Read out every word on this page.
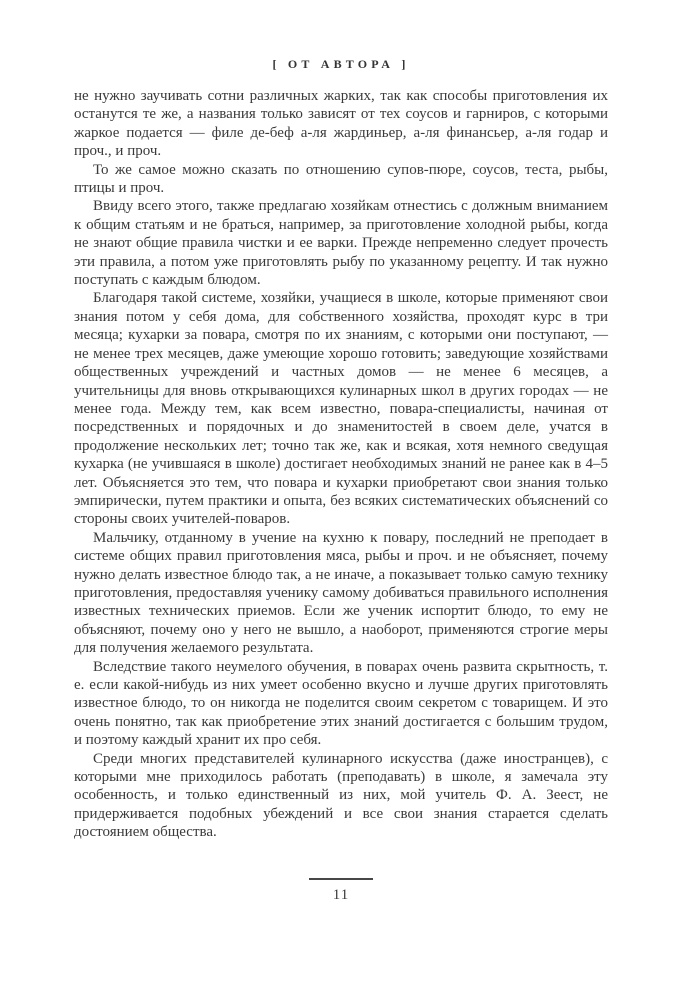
[ ОТ АВТОРА ]

не нужно заучивать сотни различных жарких, так как способы приготовления их останутся те же, а названия только зависят от тех соусов и гарниров, с которыми жаркое подается — филе де-беф а-ля жардиньер, а-ля финансьер, а-ля годар и проч., и проч.

То же самое можно сказать по отношению супов-пюре, соусов, теста, рыбы, птицы и проч.

Ввиду всего этого, также предлагаю хозяйкам отнестись с должным вниманием к общим статьям и не браться, например, за приготовление холодной рыбы, когда не знают общие правила чистки и ее варки. Прежде непременно следует прочесть эти правила, а потом уже приготовлять рыбу по указанному рецепту. И так нужно поступать с каждым блюдом.

Благодаря такой системе, хозяйки, учащиеся в школе, которые применяют свои знания потом у себя дома, для собственного хозяйства, проходят курс в три месяца; кухарки за повара, смотря по их знаниям, с которыми они поступают, — не менее трех месяцев, даже умеющие хорошо готовить; заведующие хозяйствами общественных учреждений и частных домов — не менее 6 месяцев, а учительницы для вновь открывающихся кулинарных школ в других городах — не менее года. Между тем, как всем известно, повара-специалисты, начиная от посредственных и порядочных и до знаменитостей в своем деле, учатся в продолжение нескольких лет; точно так же, как и всякая, хотя немного сведущая кухарка (не учившаяся в школе) достигает необходимых знаний не ранее как в 4–5 лет. Объясняется это тем, что повара и кухарки приобретают свои знания только эмпирически, путем практики и опыта, без всяких систематических объяснений со стороны своих учителей-поваров.

Мальчику, отданному в учение на кухню к повару, последний не преподает в системе общих правил приготовления мяса, рыбы и проч. и не объясняет, почему нужно делать известное блюдо так, а не иначе, а показывает только самую технику приготовления, предоставляя ученику самому добиваться правильного исполнения известных технических приемов. Если же ученик испортит блюдо, то ему не объясняют, почему оно у него не вышло, а наоборот, применяются строгие меры для получения желаемого результата.

Вследствие такого неумелого обучения, в поварах очень развита скрытность, т. е. если какой-нибудь из них умеет особенно вкусно и лучше других приготовлять известное блюдо, то он никогда не поделится своим секретом с товарищем. И это очень понятно, так как приобретение этих знаний достигается с большим трудом, и поэтому каждый хранит их про себя.

Среди многих представителей кулинарного искусства (даже иностранцев), с которыми мне приходилось работать (преподавать) в школе, я замечала эту особенность, и только единственный из них, мой учитель Ф. А. Зеест, не придерживается подобных убеждений и все свои знания старается сделать достоянием общества.

11
